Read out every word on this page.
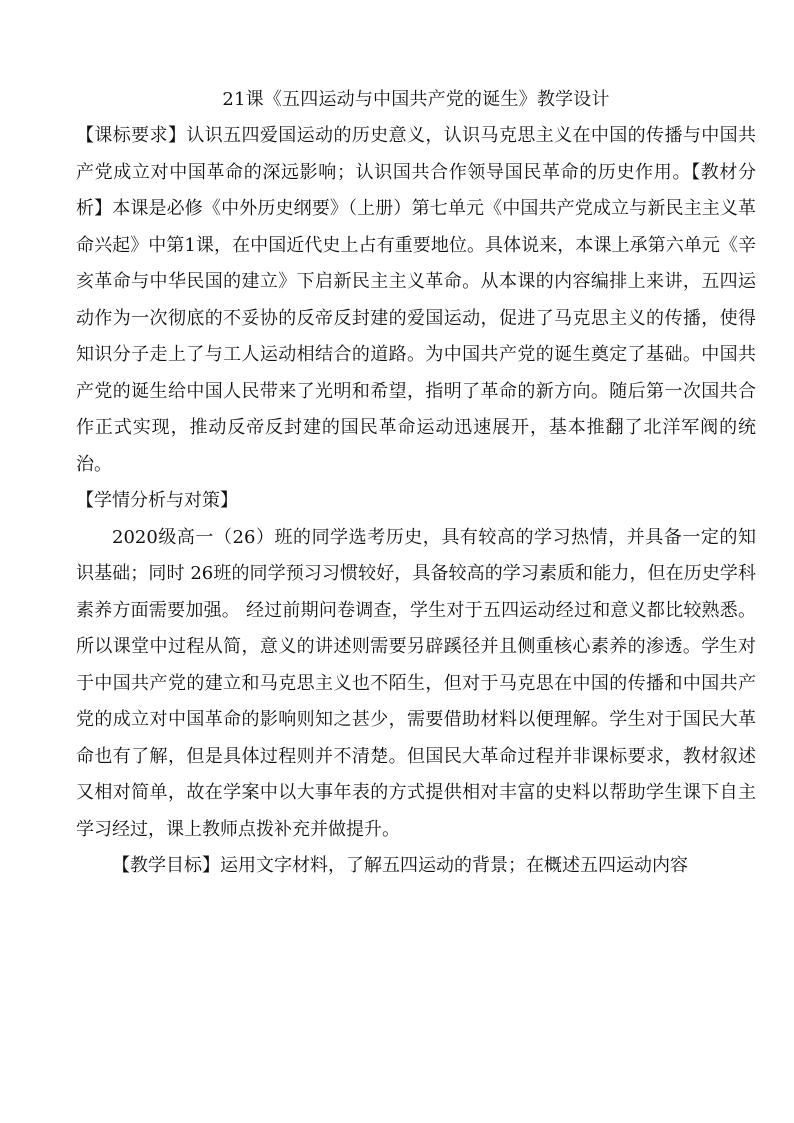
21课《五四运动与中国共产党的诞生》教学设计

【课标要求】认识五四爱国运动的历史意义，认识马克思主义在中国的传播与中国共产党成立对中国革命的深远影响；认识国共合作领导国民革命的历史作用。【教材分析】本课是必修《中外历史纲要》（上册）第七单元《中国共产党成立与新民主主义革命兴起》中第1课，在中国近代史上占有重要地位。具体说来，本课上承第六单元《辛亥革命与中华民国的建立》下启新民主主义革命。从本课的内容编排上来讲，五四运动作为一次彻底的不妥协的反帝反封建的爱国运动，促进了马克思主义的传播，使得知识分子走上了与工人运动相结合的道路。为中国共产党的诞生奠定了基础。中国共产党的诞生给中国人民带来了光明和希望，指明了革命的新方向。随后第一次国共合作正式实现，推动反帝反封建的国民革命运动迅速展开，基本推翻了北洋军阀的统治。

【学情分析与对策】

2020级高一（26）班的同学选考历史，具有较高的学习热情，并具备一定的知识基础；同时 26班的同学预习习惯较好，具备较高的学习素质和能力，但在历史学科素养方面需要加强。 经过前期问卷调查，学生对于五四运动经过和意义都比较熟悉。所以课堂中过程从简，意义的讲述则需要另辟蹊径并且侧重核心素养的渗透。学生对于中国共产党的建立和马克思主义也不陌生，但对于马克思在中国的传播和中国共产党的成立对中国革命的影响则知之甚少，需要借助材料以便理解。学生对于国民大革命也有了解，但是具体过程则并不清楚。但国民大革命过程并非课标要求，教材叙述又相对简单，故在学案中以大事年表的方式提供相对丰富的史料以帮助学生课下自主学习经过，课上教师点拨补充并做提升。

【教学目标】运用文字材料，了解五四运动的背景；在概述五四运动内容
